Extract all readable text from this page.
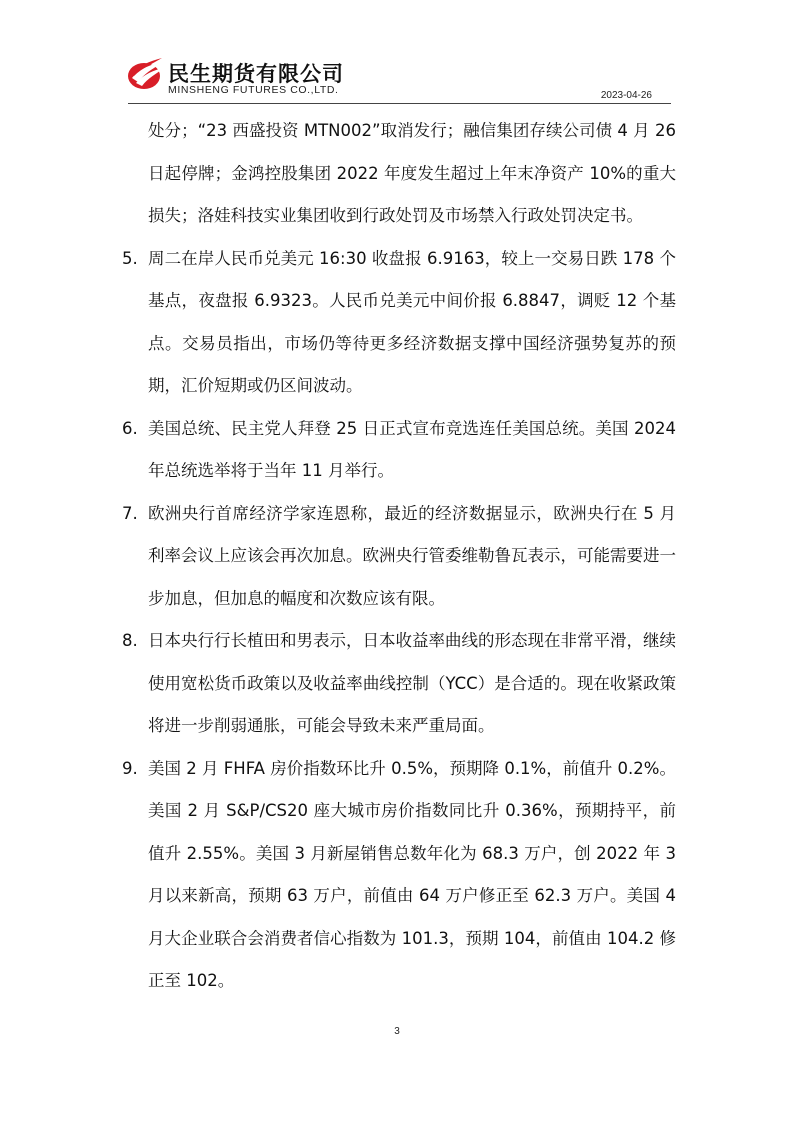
民生期货有限公司
MINSHENG FUTURES CO.,LTD.	2023-04-26

处分；“23 西盛投资 MTN002”取消发行；融信集团存续公司债 4 月 26 日起停牌；金鸿控股集团 2022 年度发生超过上年末净资产 10%的重大损失；洛娃科技实业集团收到行政处罚及市场禁入行政处罚决定书。

5. 周二在岸人民币兑美元 16:30 收盘报 6.9163，较上一交易日跌 178 个基点，夜盘报 6.9323。人民币兑美元中间价报 6.8847，调贬 12 个基点。交易员指出，市场仍等待更多经济数据支撑中国经济强势复苏的预期，汇价短期或仍区间波动。

6. 美国总统、民主党人拜登 25 日正式宣布竞选连任美国总统。美国 2024 年总统选举将于当年 11 月举行。

7. 欧洲央行首席经济学家连恩称，最近的经济数据显示，欧洲央行在 5 月利率会议上应该会再次加息。欧洲央行管委维勒鲁瓦表示，可能需要进一步加息，但加息的幅度和次数应该有限。

8. 日本央行行长植田和男表示，日本收益率曲线的形态现在非常平滑，继续使用宽松货币政策以及收益率曲线控制（YCC）是合适的。现在收紧政策将进一步削弱通胀，可能会导致未来严重局面。

9. 美国 2 月 FHFA 房价指数环比升 0.5%，预期降 0.1%，前值升 0.2%。美国 2 月 S&P/CS20 座大城市房价指数同比升 0.36%，预期持平，前值升 2.55%。美国 3 月新屋销售总数年化为 68.3 万户，创 2022 年 3 月以来新高，预期 63 万户，前值由 64 万户修正至 62.3 万户。美国 4 月大企业联合会消费者信心指数为 101.3，预期 104，前值由 104.2 修正至 102。

3
